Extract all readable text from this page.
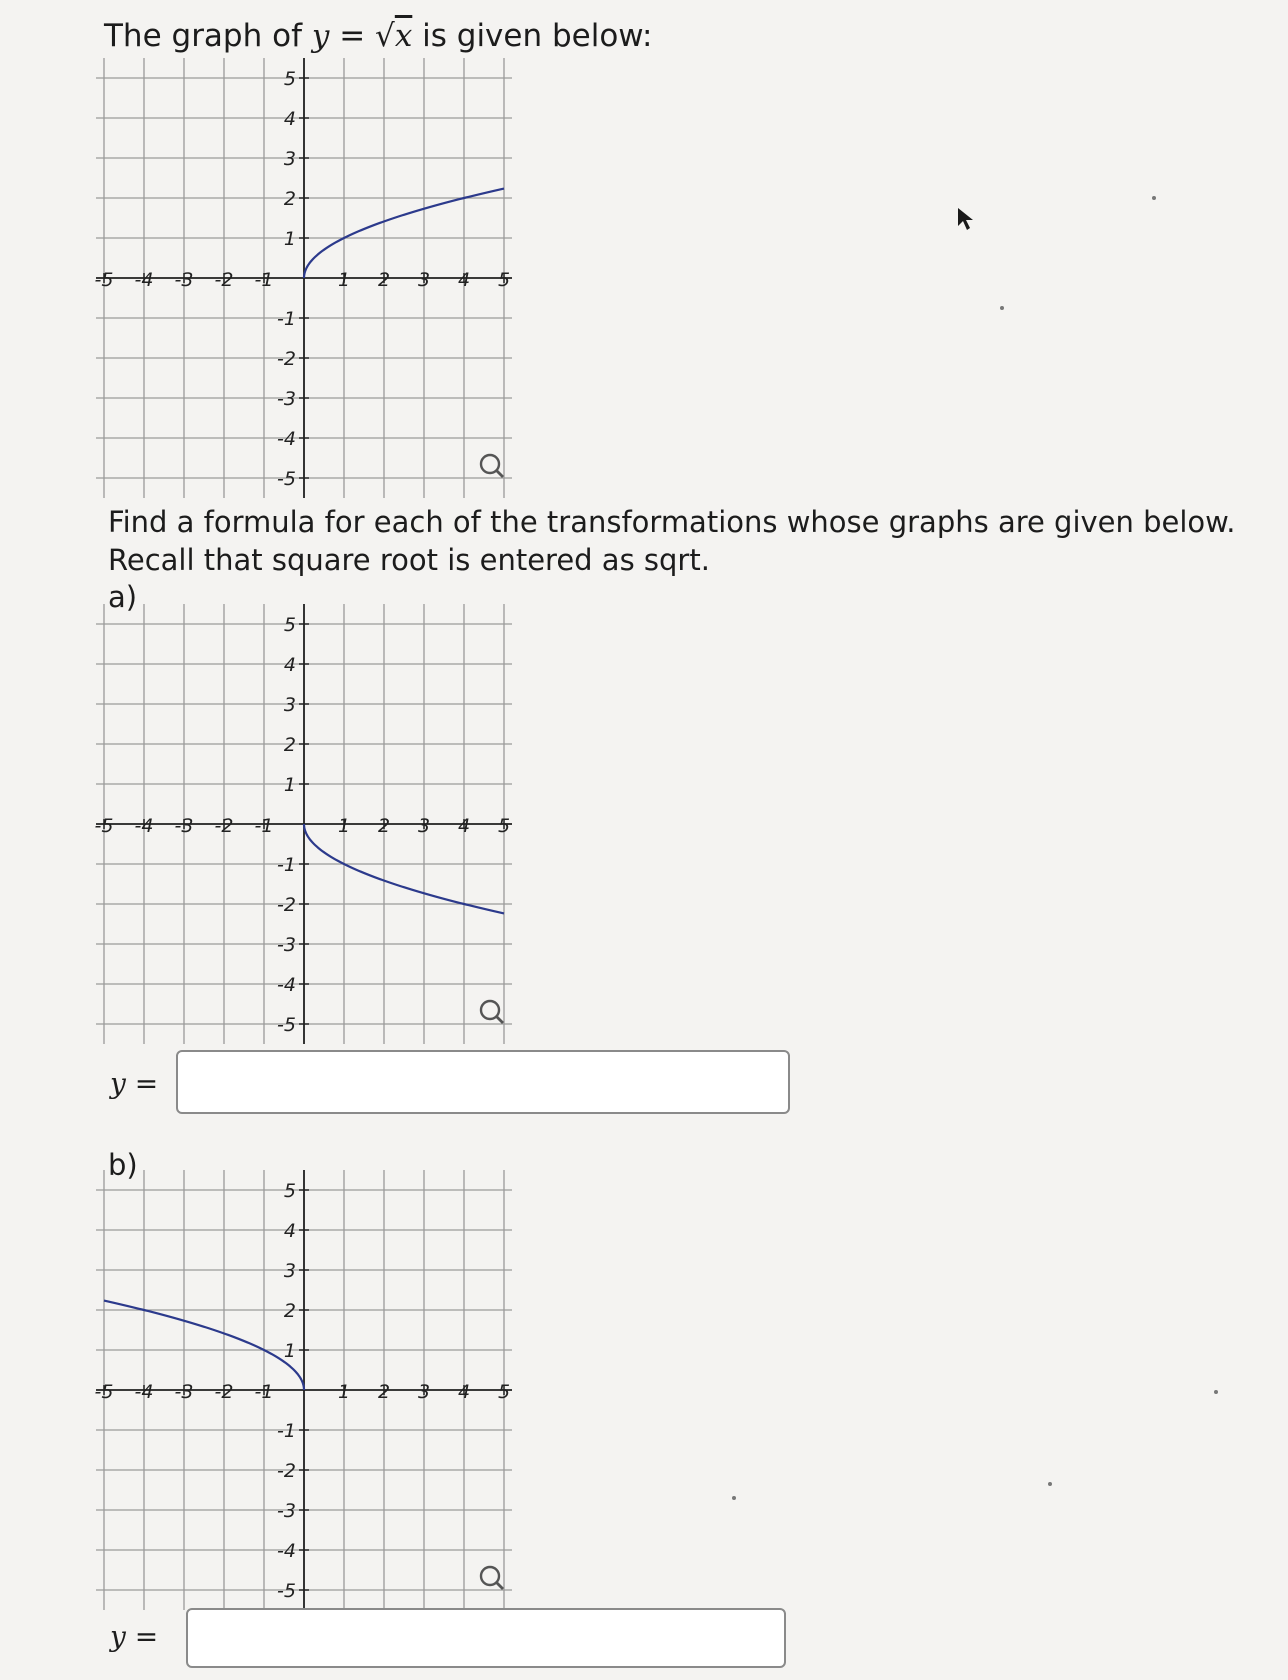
The graph of y = √x is given below:

-5 -4 -3 -2 -1	1 2 3 4 5
5
4
3
2
1
-1
-2
-3
-4
-5
Find a formula for each of the transformations whose graphs are given below.
Recall that square root is entered as sqrt.

a)

-5 -4 -3 -2 -1	1 2 3 4 5
5
4
3
2
1
-1
-2
-3
-4
-5
y =

b)

-5 -4 -3 -2 -1	1 2 3 4 5
5
4
3
2
1
-1
-2
-3
-4
-5
y =
